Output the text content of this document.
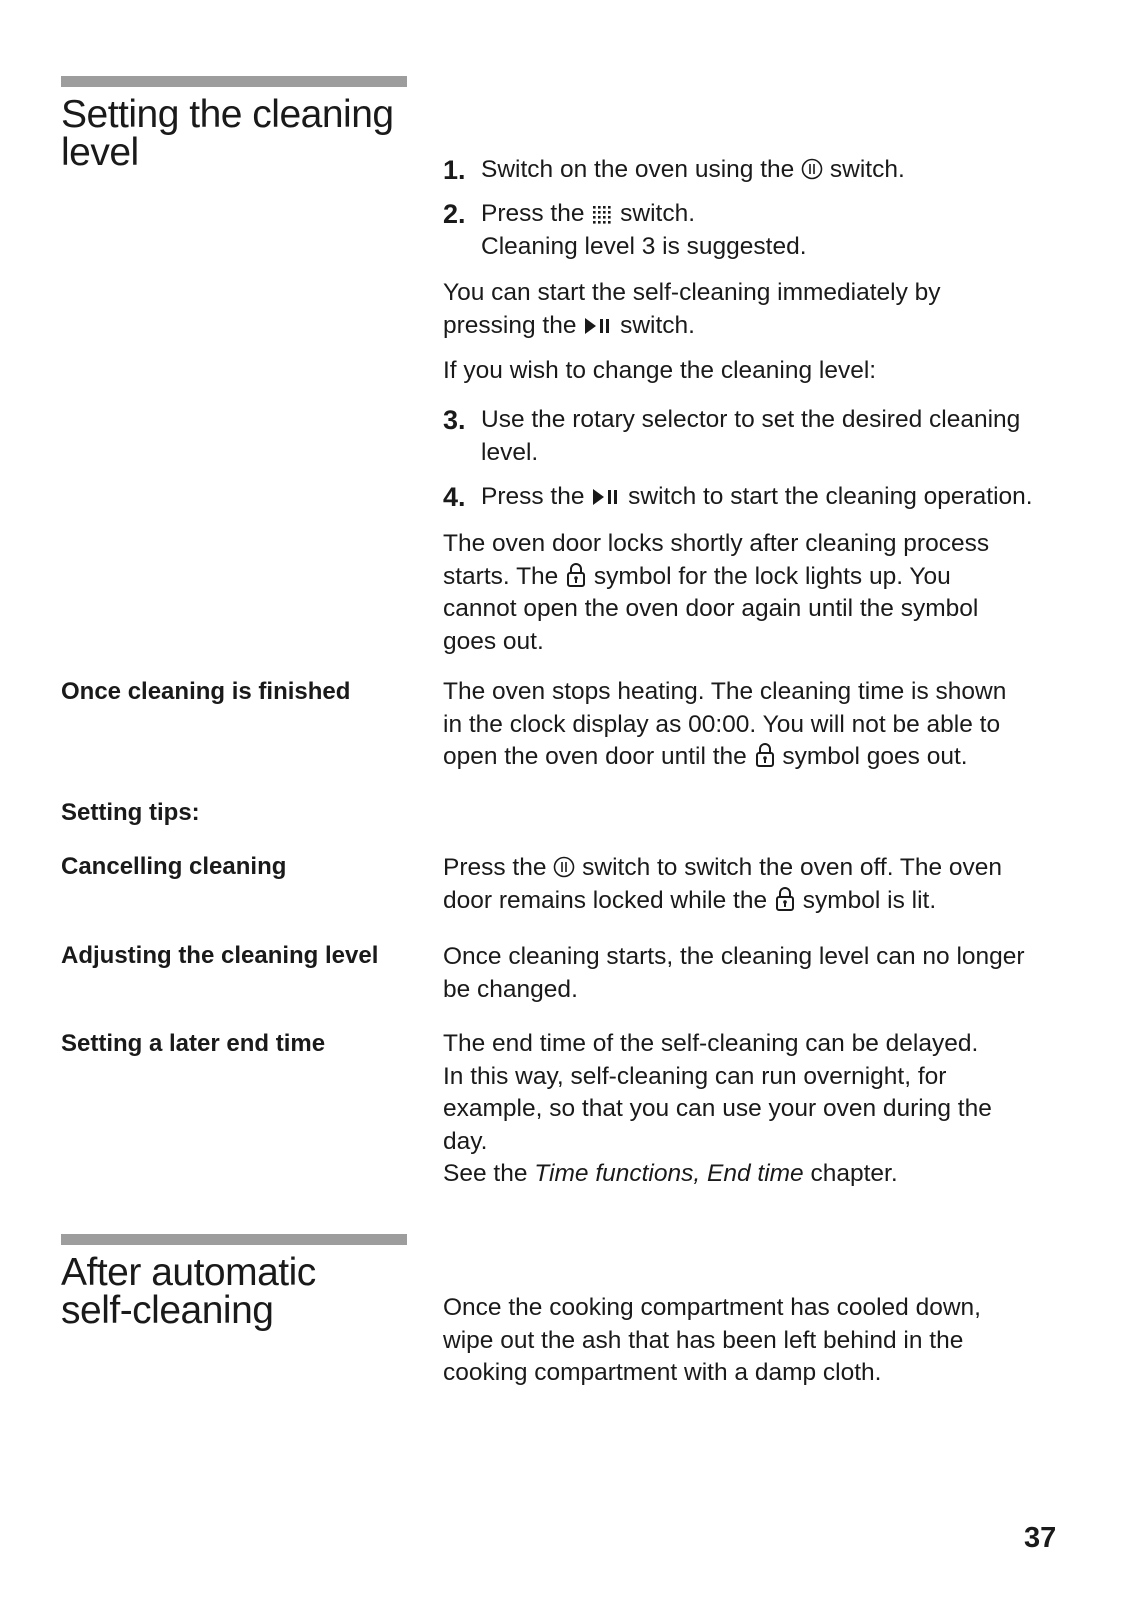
Setting the cleaning
level	1. Switch on the oven using the switch.
2. Press the switch.
Cleaning level 3 is suggested.
You can start the self-cleaning immediately by
pressing the switch.
If you wish to change the cleaning level:
3. Use the rotary selector to set the desired cleaning
level.
4. Press the switch to start the cleaning operation.
The oven door locks shortly after cleaning process
starts. The symbol for the lock lights up. You
cannot open the oven door again until the symbol
goes out.
Once cleaning is finished	The oven stops heating. The cleaning time is shown
in the clock display as 00:00. You will not be able to
open the oven door until the symbol goes out.
Setting tips:
Cancelling cleaning	Press the switch to switch the oven off. The oven
door remains locked while the symbol is lit.
Adjusting the cleaning level	Once cleaning starts, the cleaning level can no longer
be changed.
Setting a later end time	The end time of the self-cleaning can be delayed.
In this way, self-cleaning can run overnight, for
example, so that you can use your oven during the
day.
See the Time functions, End time chapter.
After automatic
self-cleaning	Once the cooking compartment has cooled down,
wipe out the ash that has been left behind in the
cooking compartment with a damp cloth.
37
